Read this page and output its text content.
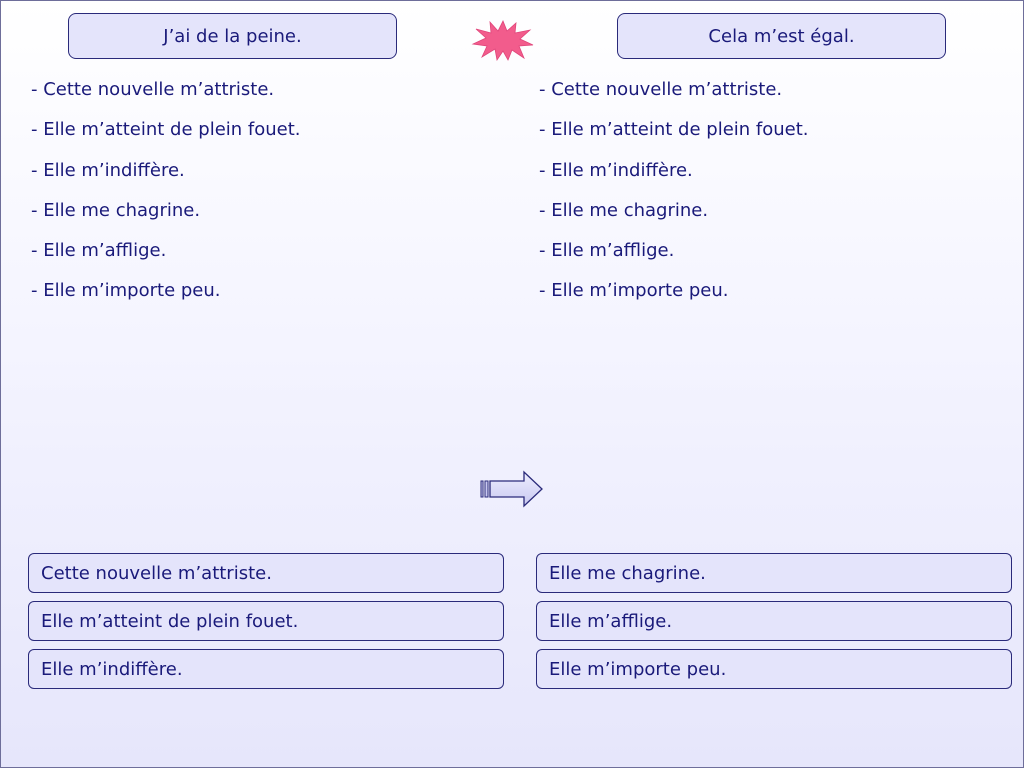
J’ai de la peine.	Cela m’est égal.
- Cette nouvelle m’attriste.
- Elle m’atteint de plein fouet.
- Elle m’indiffère.
- Elle me chagrine.
- Elle m’afflige.
- Elle m’importe peu.
- Cette nouvelle m’attriste.
- Elle m’atteint de plein fouet.
- Elle m’indiffère.
- Elle me chagrine.
- Elle m’afflige.
- Elle m’importe peu.
Cette nouvelle m’attriste.
Elle m’atteint de plein fouet.
Elle m’indiffère.
Elle me chagrine.
Elle m’afflige.
Elle m’importe peu.
